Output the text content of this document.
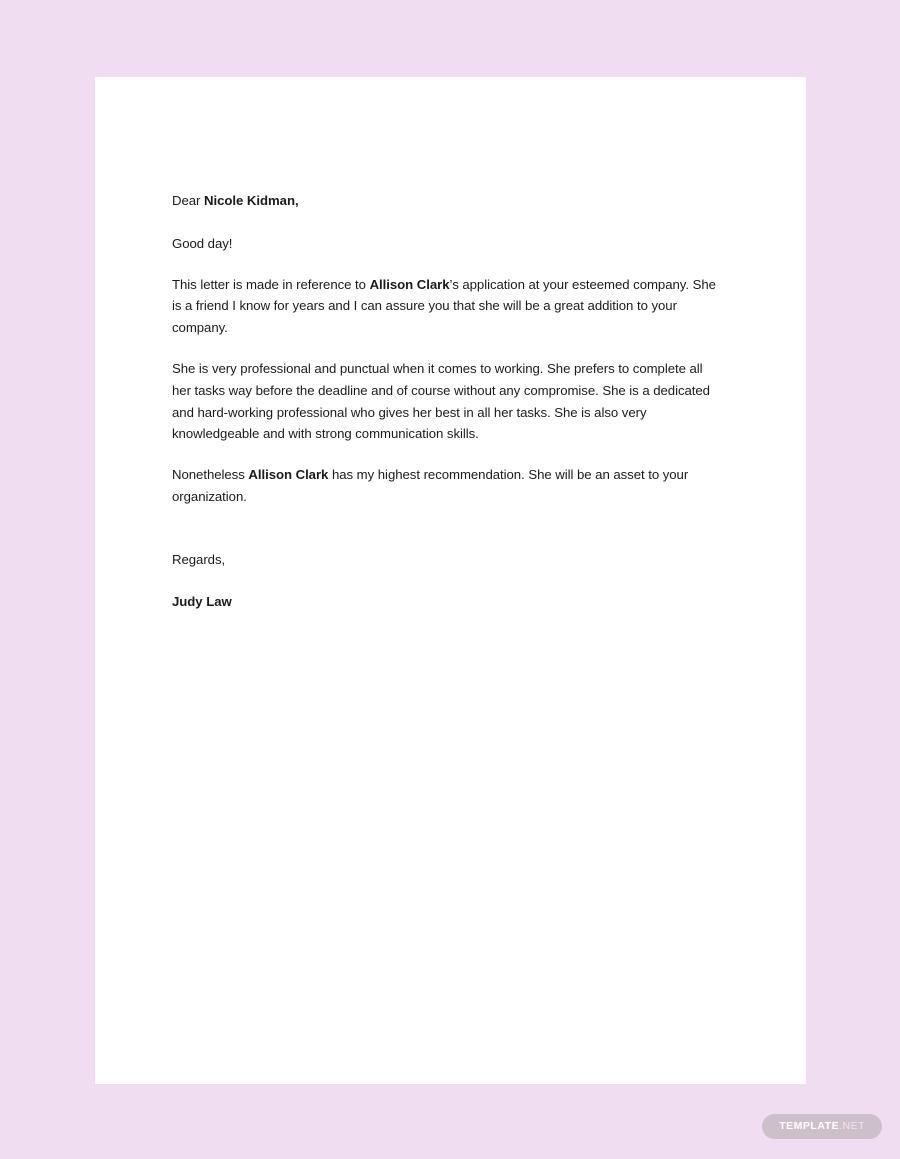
Dear Nicole Kidman,

Good day!

This letter is made in reference to Allison Clark’s application at your esteemed company. She is a friend I know for years and I can assure you that she will be a great addition to your company.

She is very professional and punctual when it comes to working. She prefers to complete all her tasks way before the deadline and of course without any compromise. She is a dedicated and hard-working professional who gives her best in all her tasks. She is also very knowledgeable and with strong communication skills.

Nonetheless Allison Clark has my highest recommendation. She will be an asset to your organization.

Regards,

Judy Law

TEMPLATE .NET
